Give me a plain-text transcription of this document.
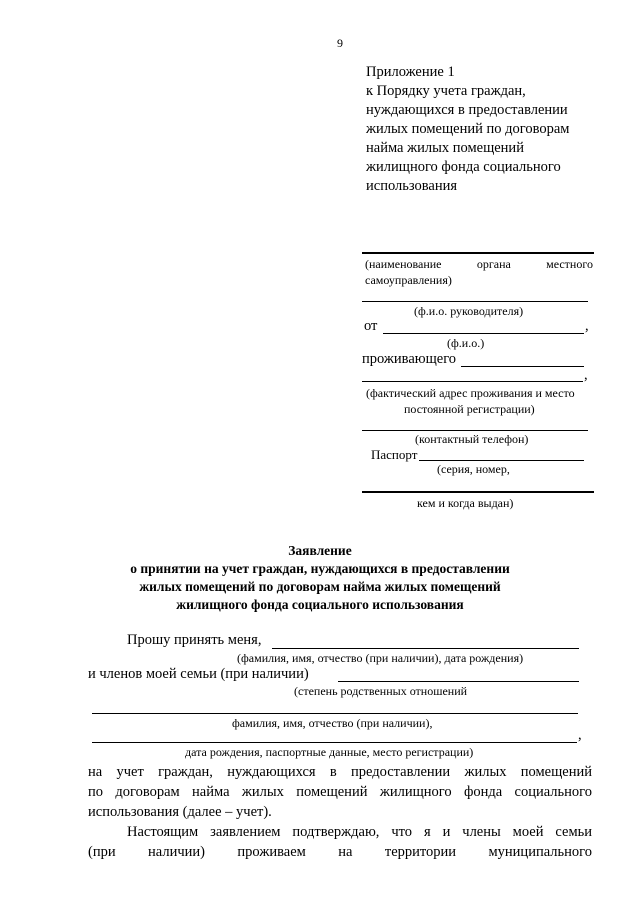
9
Приложение 1
к Порядку учета граждан,
нуждающихся в предоставлении
жилых помещений по договорам
найма жилых помещений
жилищного фонда социального
использования
(наименование	органа	местного
самоуправления)
(ф.и.о. руководителя)
от	,
(ф.и.о.)
проживающего
,
(фактический адрес проживания и место
постоянной регистрации)
(контактный телефон)
Паспорт
(серия, номер,
кем и когда выдан)
Заявление
о принятии на учет граждан, нуждающихся в предоставлении
жилых помещений по договорам найма жилых помещений
жилищного фонда социального использования
Прошу принять меня,
(фамилия, имя, отчество (при наличии), дата рождения)
и членов моей семьи (при наличии)
(степень родственных отношений
фамилия, имя, отчество (при наличии),
,
дата рождения, паспортные данные, место регистрации)
на учет граждан, нуждающихся в предоставлении жилых помещений
по договорам найма жилых помещений жилищного фонда социального
использования (далее – учет).
Настоящим заявлением подтверждаю, что я и члены моей семьи
(при наличии) проживаем на территории муниципального
